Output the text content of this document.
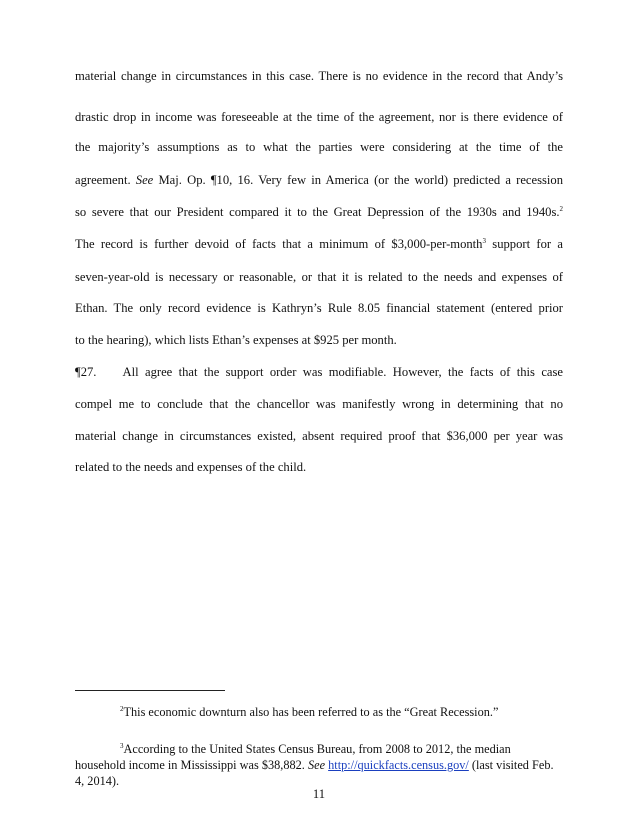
material change in circumstances in this case. There is no evidence in the record that Andy’s

drastic drop in income was foreseeable at the time of the agreement, nor is there evidence of

the majority’s assumptions as to what the parties were considering at the time of the

agreement. See Maj. Op. ¶10, 16. Very few in America (or the world) predicted a recession

so severe that our President compared it to the Great Depression of the 1930s and 1940s.$^2$

The record is further devoid of facts that a minimum of $3,000-per-month$^3$ support for a

seven-year-old is necessary or reasonable, or that it is related to the needs and expenses of

Ethan. The only record evidence is Kathryn’s Rule 8.05 financial statement (entered prior

to the hearing), which lists Ethan’s expenses at $925 per month.

¶27. All agree that the support order was modifiable. However, the facts of this case

compel me to conclude that the chancellor was manifestly wrong in determining that no

material change in circumstances existed, absent required proof that $36,000 per year was

related to the needs and expenses of the child.

$^2$This economic downturn also has been referred to as the “Great Recession.”
$^3$According to the United States Census Bureau, from 2008 to 2012, the median household income in Mississippi was $38,882. See http://quickfacts.census.gov/ (last visited Feb. 4, 2014).
11
